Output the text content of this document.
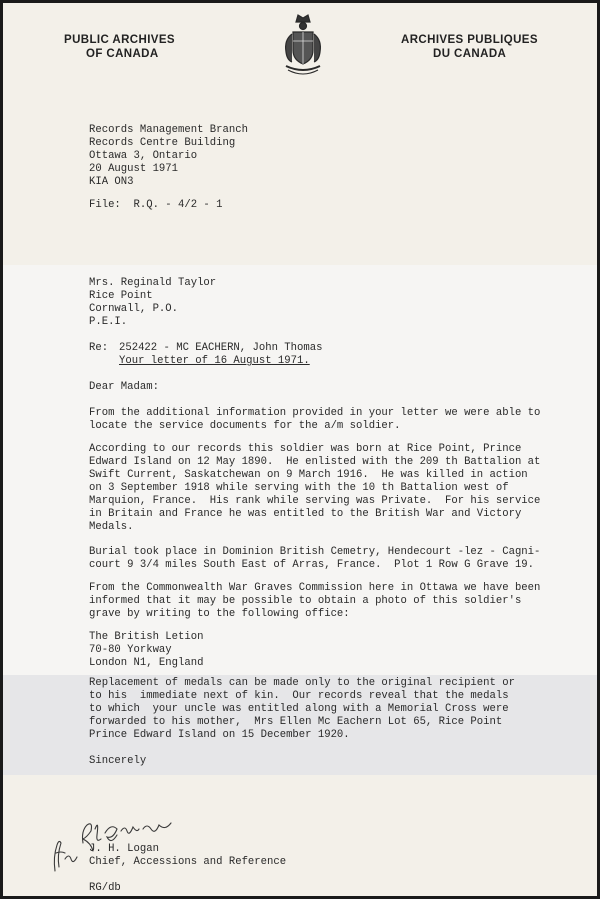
PUBLIC ARCHIVES
OF CANADA
ARCHIVES PUBLIQUES
DU CANADA
Records Management Branch
Records Centre Building
Ottawa 3, Ontario
20 August 1971
KIA ON3
File:  R.Q. - 4/2 - 1
Mrs. Reginald Taylor
Rice Point
Cornwall, P.O.
P.E.I.
Re: 252422 - MC EACHERN, John Thomas
Your letter of 16 August 1971.
Dear Madam:
From the additional information provided in your letter we were able to
locate the service documents for the a/m soldier.
According to our records this soldier was born at Rice Point, Prince
Edward Island on 12 May 1890.  He enlisted with the 209 th Battalion at
Swift Current, Saskatchewan on 9 March 1916.  He was killed in action
on 3 September 1918 while serving with the 10 th Battalion west of
Marquion, France.  His rank while serving was Private.  For his service
in Britain and France he was entitled to the British War and Victory
Medals.
Burial took place in Dominion British Cemetry, Hendecourt -lez - Cagni-
court 9 3/4 miles South East of Arras, France.  Plot 1 Row G Grave 19.
From the Commonwealth War Graves Commission here in Ottawa we have been
informed that it may be possible to obtain a photo of this soldier's
grave by writing to the following office:
The British Letion
70-80 Yorkway
London N1, England
Replacement of medals can be made only to the original recipient or
to his  immediate next of kin.  Our records reveal that the medals
to which  your uncle was entitled along with a Memorial Cross were
forwarded to his mother,  Mrs Ellen Mc Eachern Lot 65, Rice Point
Prince Edward Island on 15 December 1920.
Sincerely
J. H. Logan
Chief, Accessions and Reference
RG/db
